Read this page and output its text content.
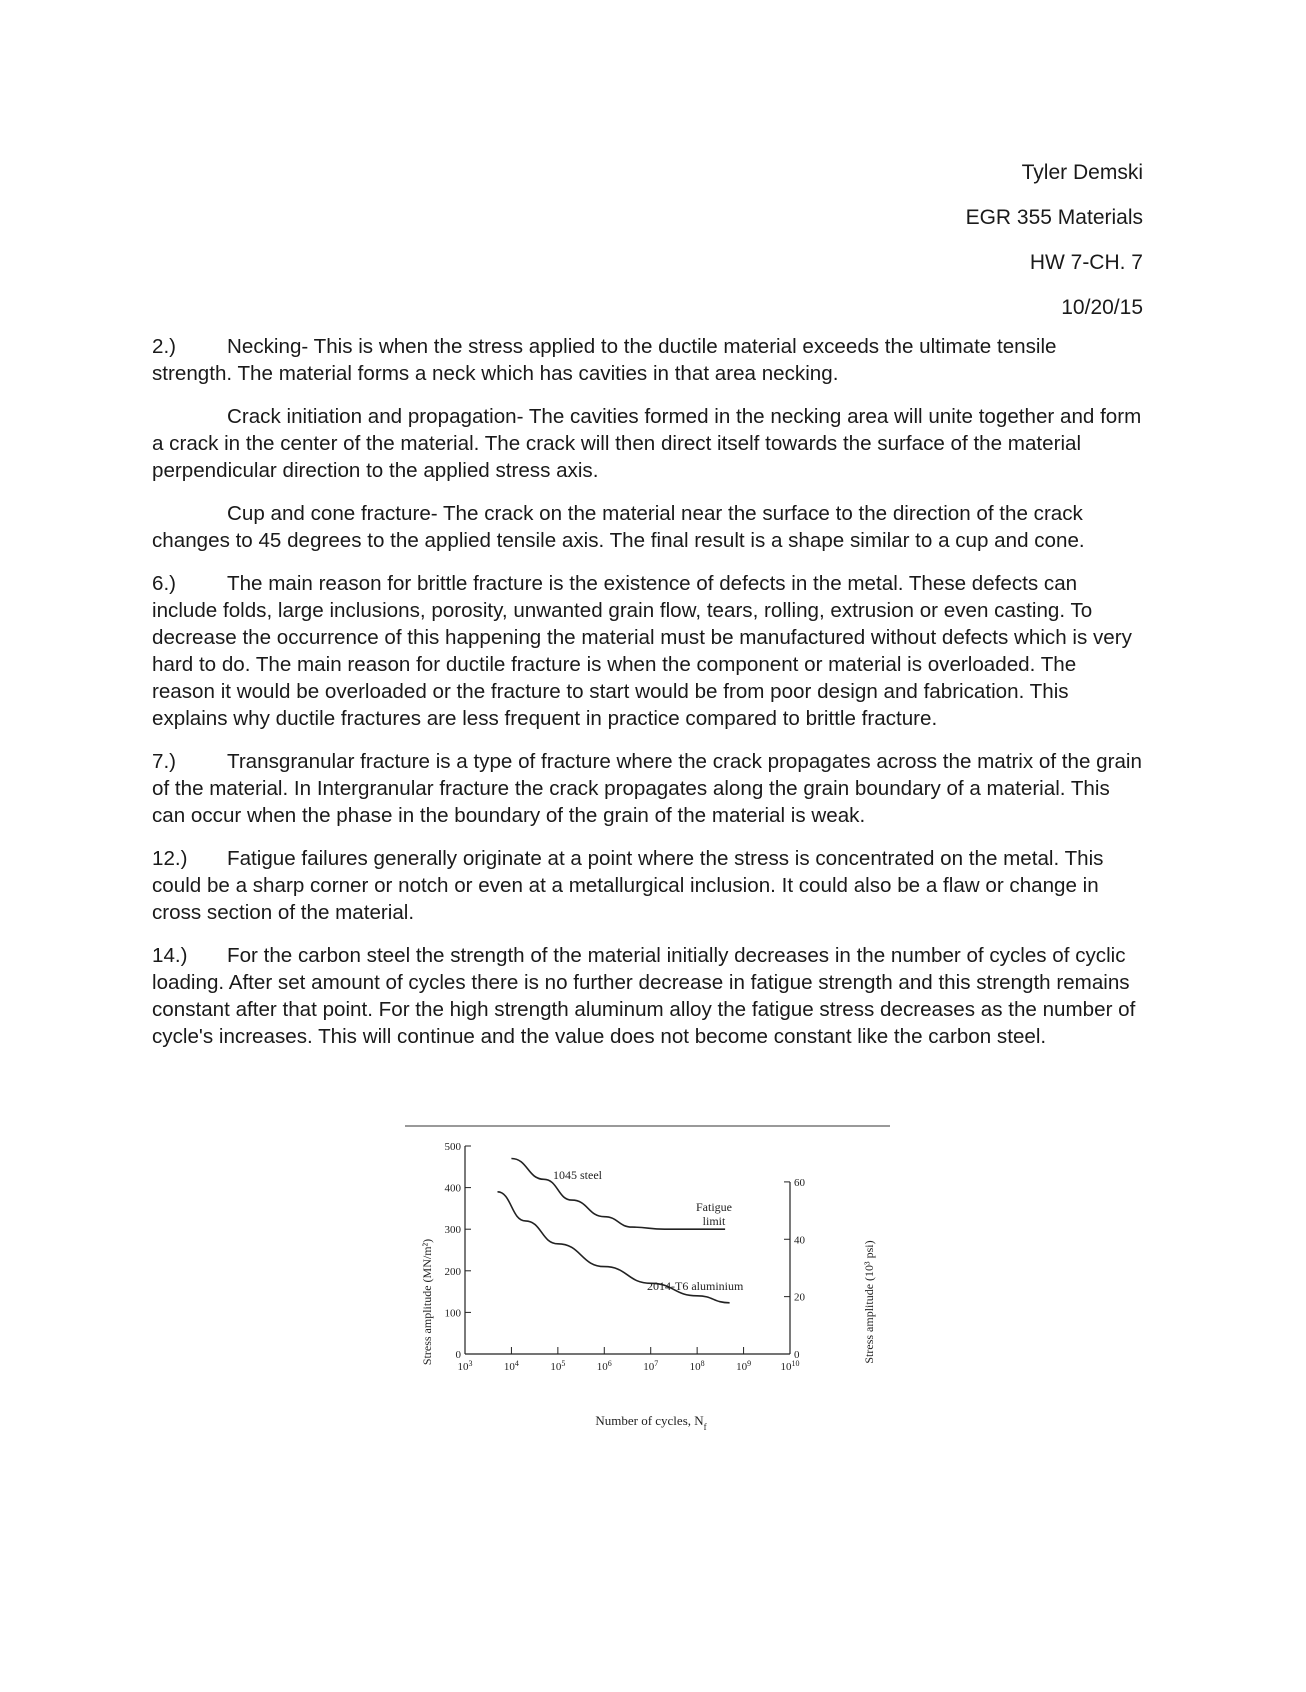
Tyler Demski
EGR 355 Materials
HW 7-CH. 7
10/20/15

2.) Necking- This is when the stress applied to the ductile material exceeds the ultimate tensile strength. The material forms a neck which has cavities in that area necking.

Crack initiation and propagation- The cavities formed in the necking area will unite together and form a crack in the center of the material. The crack will then direct itself towards the surface of the material perpendicular direction to the applied stress axis.

Cup and cone fracture- The crack on the material near the surface to the direction of the crack changes to 45 degrees to the applied tensile axis. The final result is a shape similar to a cup and cone.

6.) The main reason for brittle fracture is the existence of defects in the metal. These defects can include folds, large inclusions, porosity, unwanted grain flow, tears, rolling, extrusion or even casting. To decrease the occurrence of this happening the material must be manufactured without defects which is very hard to do. The main reason for ductile fracture is when the component or material is overloaded. The reason it would be overloaded or the fracture to start would be from poor design and fabrication. This explains why ductile fractures are less frequent in practice compared to brittle fracture.

7.) Transgranular fracture is a type of fracture where the crack propagates across the matrix of the grain of the material. In Intergranular fracture the crack propagates along the grain boundary of a material. This can occur when the phase in the boundary of the grain of the material is weak.

12.) Fatigue failures generally originate at a point where the stress is concentrated on the metal. This could be a sharp corner or notch or even at a metallurgical inclusion. It could also be a flaw or change in cross section of the material.

14.) For the carbon steel the strength of the material initially decreases in the number of cycles of cyclic loading. After set amount of cycles there is no further decrease in fatigue strength and this strength remains constant after that point. For the high strength aluminum alloy the fatigue stress decreases as the number of cycle's increases. This will continue and the value does not become constant like the carbon steel.

0
100
200
300
400
500
0
20
40
60
$10^3$	$10^4$	$10^5$	$10^6$	$10^7$	$10^8$	$10^9$	$10^{10}$
1045 steel
Fatigue
limit
2014-T6 aluminium
Stress amplitude (MN/m²)	Stress amplitude (10³ psi)
Number of cycles, $N_f$
